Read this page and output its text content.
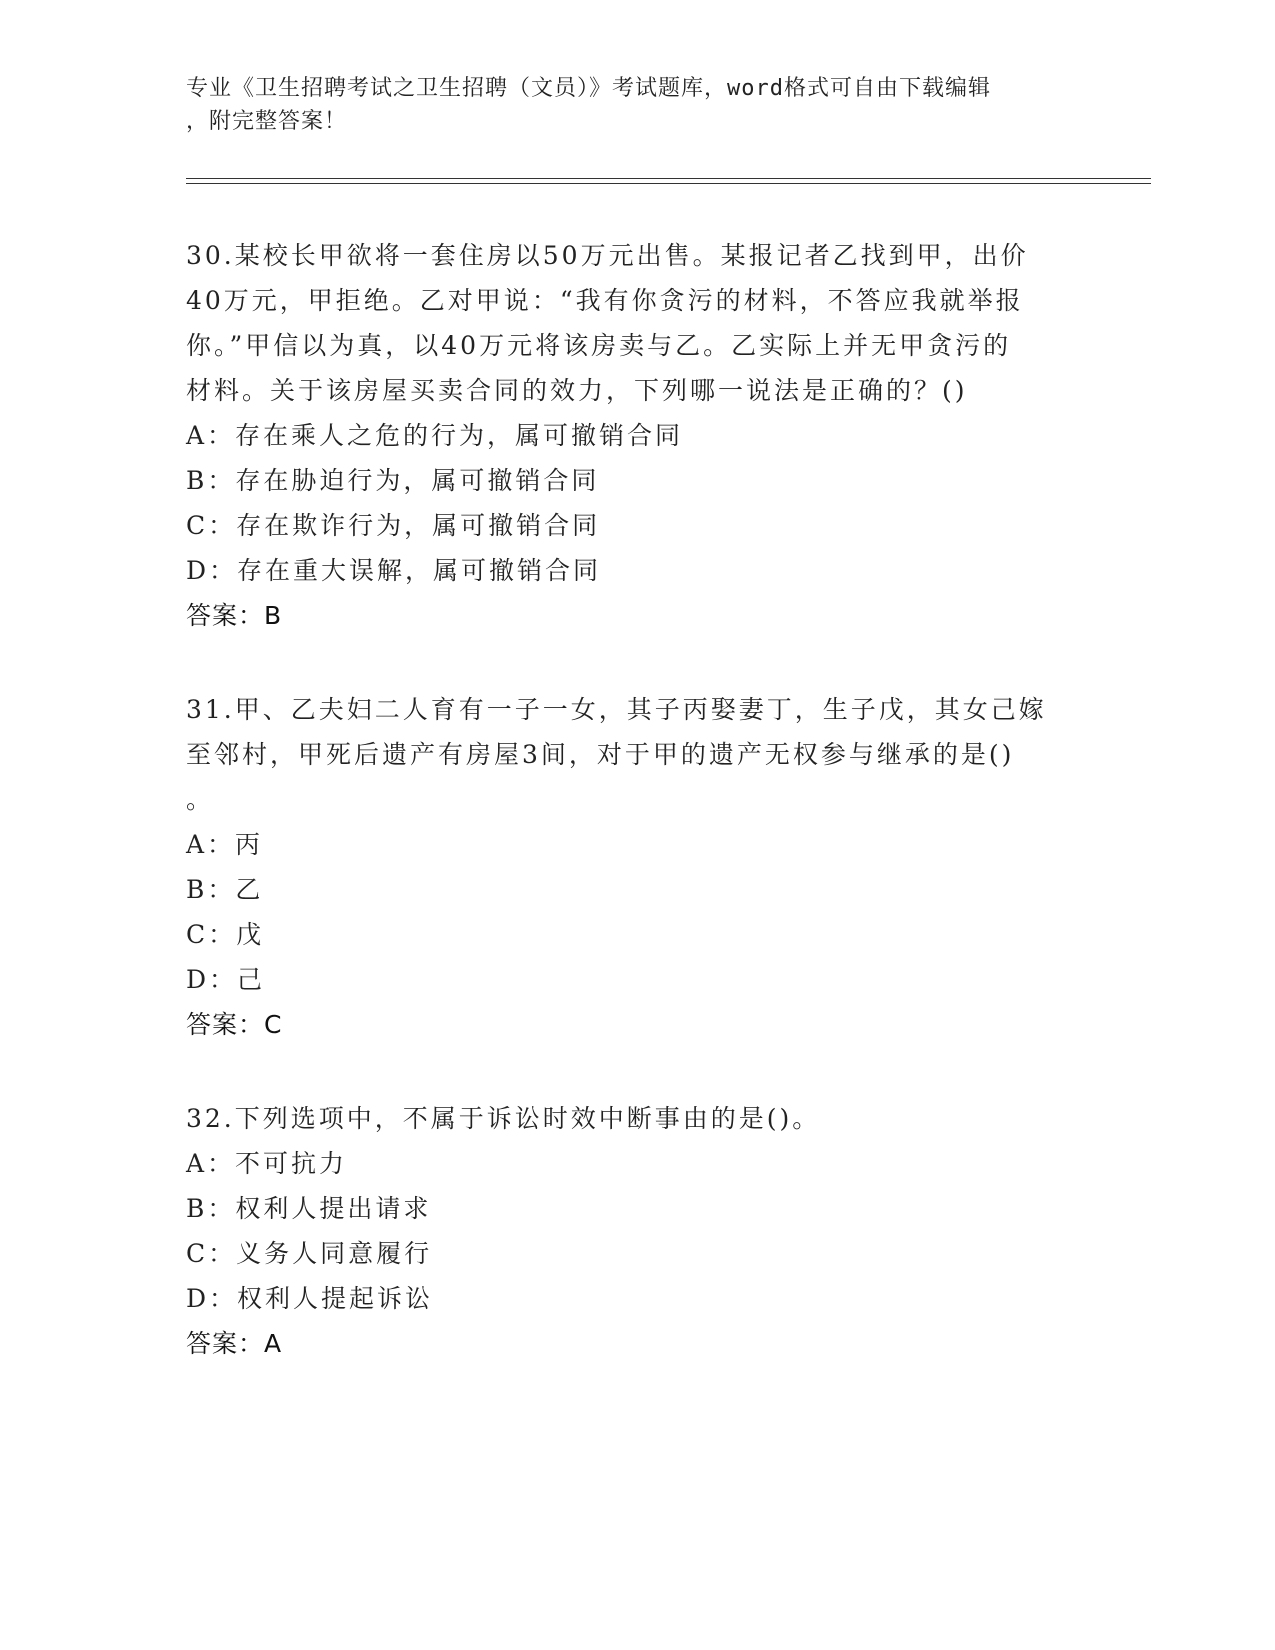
专业《卫生招聘考试之卫生招聘（文员）》考试题库，word格式可自由下载编辑
，附完整答案！

30.某校长甲欲将一套住房以50万元出售。某报记者乙找到甲，出价

40万元，甲拒绝。乙对甲说：“我有你贪污的材料，不答应我就举报

你。”甲信以为真，以40万元将该房卖与乙。乙实际上并无甲贪污的

材料。关于该房屋买卖合同的效力，下列哪一说法是正确的？()

A：存在乘人之危的行为，属可撤销合同

B：存在胁迫行为，属可撤销合同

C：存在欺诈行为，属可撤销合同

D：存在重大误解，属可撤销合同

答案：B

31.甲、乙夫妇二人育有一子一女，其子丙娶妻丁，生子戊，其女己嫁

至邻村，甲死后遗产有房屋3间，对于甲的遗产无权参与继承的是()

。

A：丙

B：乙

C：戊

D：己

答案：C

32.下列选项中，不属于诉讼时效中断事由的是()。

A：不可抗力

B：权利人提出请求

C：义务人同意履行

D：权利人提起诉讼

答案：A
